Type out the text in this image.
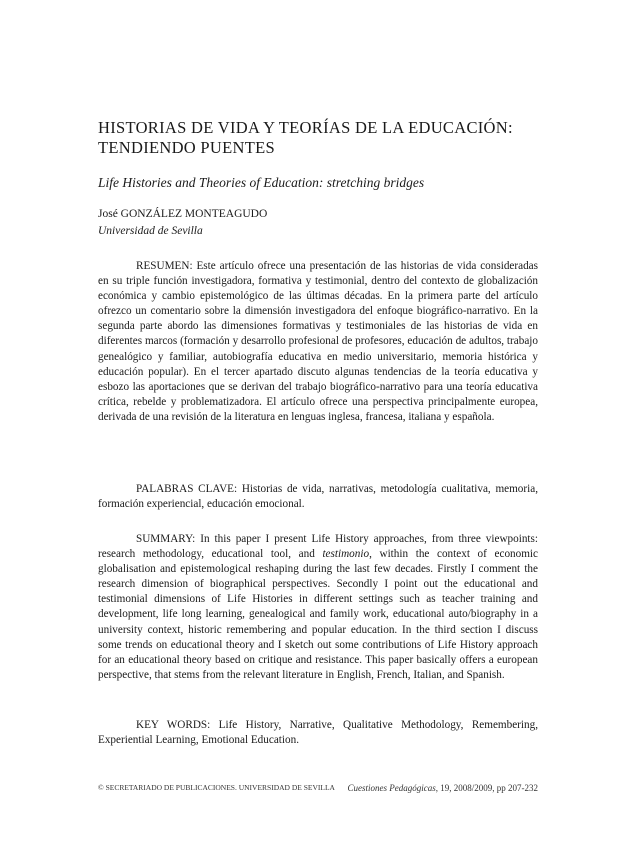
HISTORIAS DE VIDA Y TEORÍAS DE LA EDUCACIÓN: TENDIENDO PUENTES

Life Histories and Theories of Education: stretching bridges

José GONZÁLEZ MONTEAGUDO

Universidad de Sevilla

RESUMEN: Este artículo ofrece una presentación de las historias de vida consideradas en su triple función investigadora, formativa y testimonial, dentro del contexto de globalización económica y cambio epistemológico de las últimas décadas. En la primera parte del artículo ofrezco un comentario sobre la dimensión investigadora del enfoque biográfico-narrativo. En la segunda parte abordo las dimensiones formativas y testimoniales de las historias de vida en diferentes marcos (formación y desarrollo profesional de profesores, educación de adultos, trabajo genealógico y familiar, autobiografía educativa en medio universitario, memoria histórica y educación popular). En el tercer apartado discuto algunas tendencias de la teoría educativa y esbozo las aportaciones que se derivan del trabajo biográfico-narrativo para una teoría educativa crítica, rebelde y problematizadora. El artículo ofrece una perspectiva principalmente europea, derivada de una revisión de la literatura en lenguas inglesa, francesa, italiana y española.

PALABRAS CLAVE: Historias de vida, narrativas, metodología cualitativa, memoria, formación experiencial, educación emocional.

SUMMARY: In this paper I present Life History approaches, from three viewpoints: research methodology, educational tool, and testimonio, within the context of economic globalisation and epistemological reshaping during the last few decades. Firstly I comment the research dimension of biographical perspectives. Secondly I point out the educational and testimonial dimensions of Life Histories in different settings such as teacher training and development, life long learning, genealogical and family work, educational auto/biography in a university context, historic remembering and popular education. In the third section I discuss some trends on educational theory and I sketch out some contributions of Life History approach for an educational theory based on critique and resistance. This paper basically offers a european perspective, that stems from the relevant literature in English, French, Italian, and Spanish.

KEY WORDS: Life History, Narrative, Qualitative Methodology, Remembering, Experiential Learning, Emotional Education.

© SECRETARIADO DE PUBLICACIONES. UNIVERSIDAD DE SEVILLA Cuestiones Pedagógicas, 19, 2008/2009, pp 207-232
